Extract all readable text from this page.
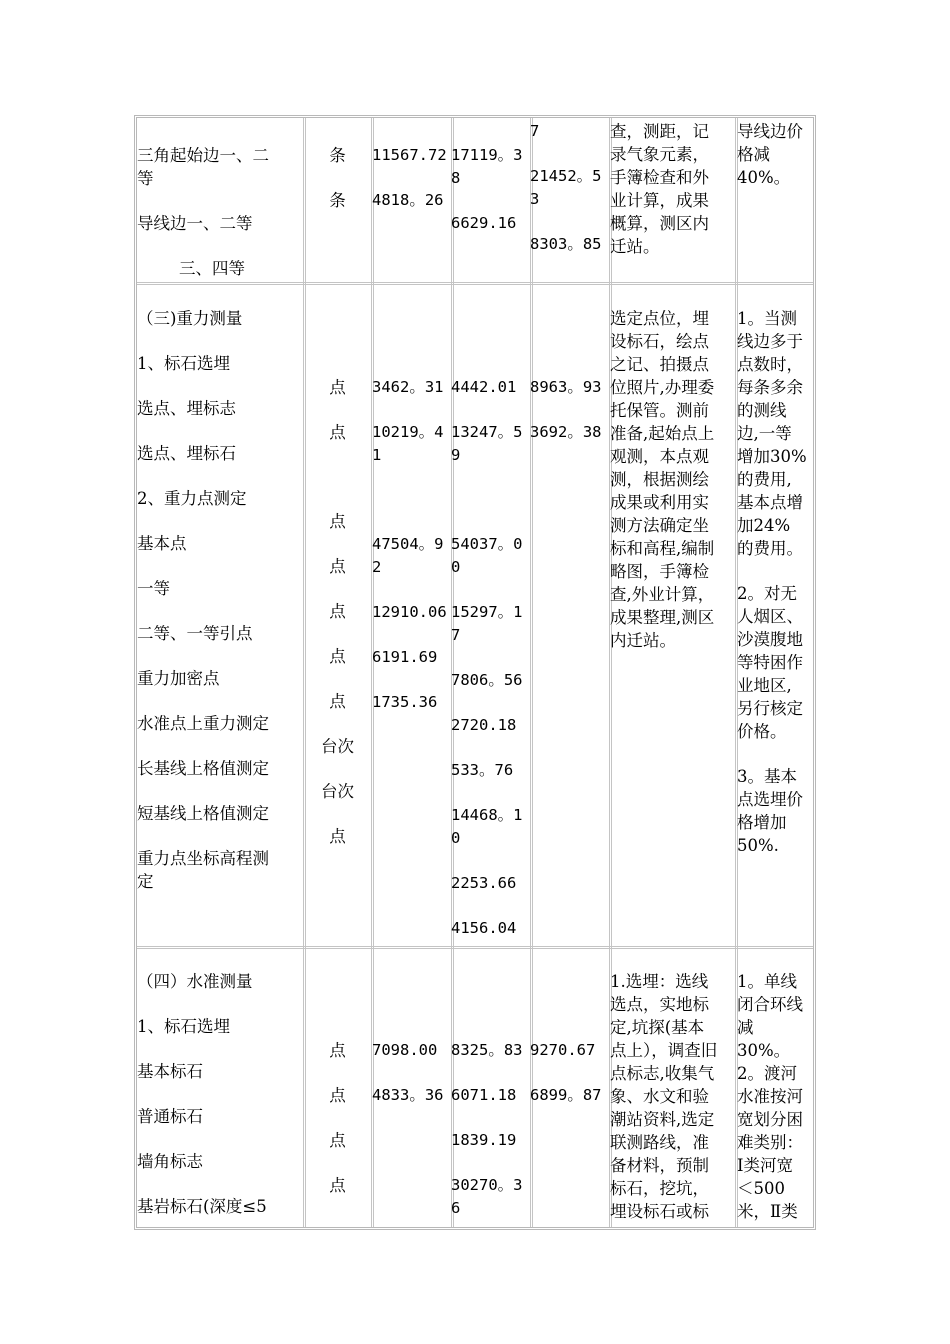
三角起始边一、二
等
导线边一、二等
三、四等
条
条
11567.72
4818。26
17119。3
8
6629.16
7
21452。5
3
8303。85
查，测距，记
录气象元素，
手簿检查和外
业计算，成果
概算，测区内
迁站。
导线边价
格减
40%。
（三)重力测量
1、标石选埋
选点、埋标志
选点、埋标石
2、重力点测定
基本点
一等
二等、一等引点
重力加密点
水准点上重力测定
长基线上格值测定
短基线上格值测定
重力点坐标高程测
定
点
点
点
点
点
点
点
台次
台次
点
3462。31
10219。4
1
47504。9
2
12910.06
6191.69
1735.36
4442.01
13247。5
9
54037。0
0
15297。1
7
7806。56
2720.18
533。76
14468。1
0
2253.66
4156.04
8963。93
3692。38
选定点位，埋
设标石，绘点
之记、拍摄点
位照片,办理委
托保管。测前
准备,起始点上
观测，本点观
测，根据测绘
成果或利用实
测方法确定坐
标和高程,编制
略图，手簿检
查,外业计算，
成果整理,测区
内迁站。
1。当测
线边多于
点数时，
每条多余
的测线
边,一等
增加30%
的费用,
基本点增
加24%
的费用。
2。对无
人烟区、
沙漠腹地
等特困作
业地区,
另行核定
价格。
3。基本
点选埋价
格增加
50%.
（四）水准测量
1、标石选埋
基本标石
普通标石
墙角标志
基岩标石(深度≤5
点
点
点
点
7098.00
4833。36
8325。83
6071.18
1839.19
30270。3
6
9270.67
6899。87
1.选埋：选线
选点，实地标
定,坑探(基本
点上），调查旧
点标志,收集气
象、水文和验
潮站资料,选定
联测路线，准
备材料，预制
标石，挖坑，
埋设标石或标
1。单线
闭合环线
减
30%。
2。渡河
水准按河
宽划分困
难类别：
Ⅰ类河宽
＜500
米，Ⅱ类
